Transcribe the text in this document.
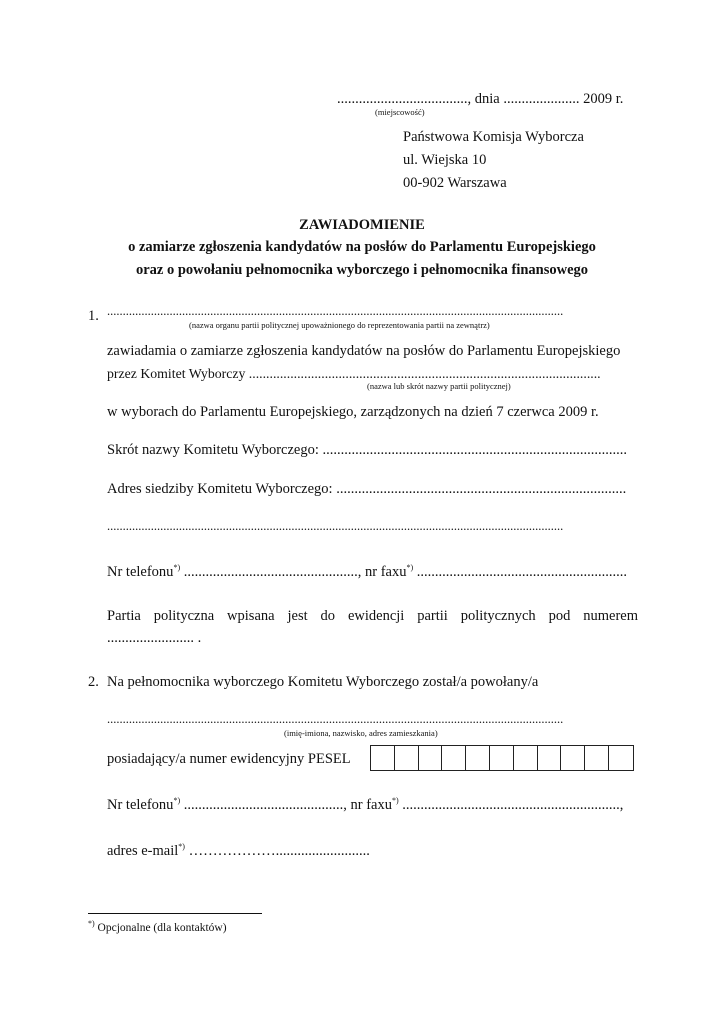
...................................., dnia ..................... 2009 r.
(miejscowość)
Państwowa Komisja Wyborcza
ul. Wiejska 10
00-902 Warszawa
ZAWIADOMIENIE
o zamiarze zgłoszenia kandydatów na posłów do Parlamentu Europejskiego
oraz o powołaniu pełnomocnika wyborczego i pełnomocnika finansowego
1. ..................................................................................................................................................
(nazwa organu partii politycznej upoważnionego do reprezentowania partii na zewnątrz)
zawiadamia o zamiarze zgłoszenia kandydatów na posłów do Parlamentu Europejskiego
przez Komitet Wyborczy ......................................................................................................
(nazwa lub skrót nazwy partii politycznej)
w wyborach do Parlamentu Europejskiego, zarządzonych na dzień 7 czerwca 2009 r.
Skrót nazwy Komitetu Wyborczego: ....................................................................................
Adres siedziby Komitetu Wyborczego: ................................................................................
..................................................................................................................................................
Nr telefonu*) ................................................, nr faxu*) ..........................................................
Partia polityczna wpisana jest do ewidencji partii politycznych pod numerem
........................ .
2. Na pełnomocnika wyborczego Komitetu Wyborczego został/a powołany/a
..................................................................................................................................................
(imię-imiona, nazwisko, adres zamieszkania)
posiadający/a numer ewidencyjny PESEL
Nr telefonu*) ............................................, nr faxu*) ............................................................,
adres e-mail*) ………………..........................
*) Opcjonalne (dla kontaktów)
